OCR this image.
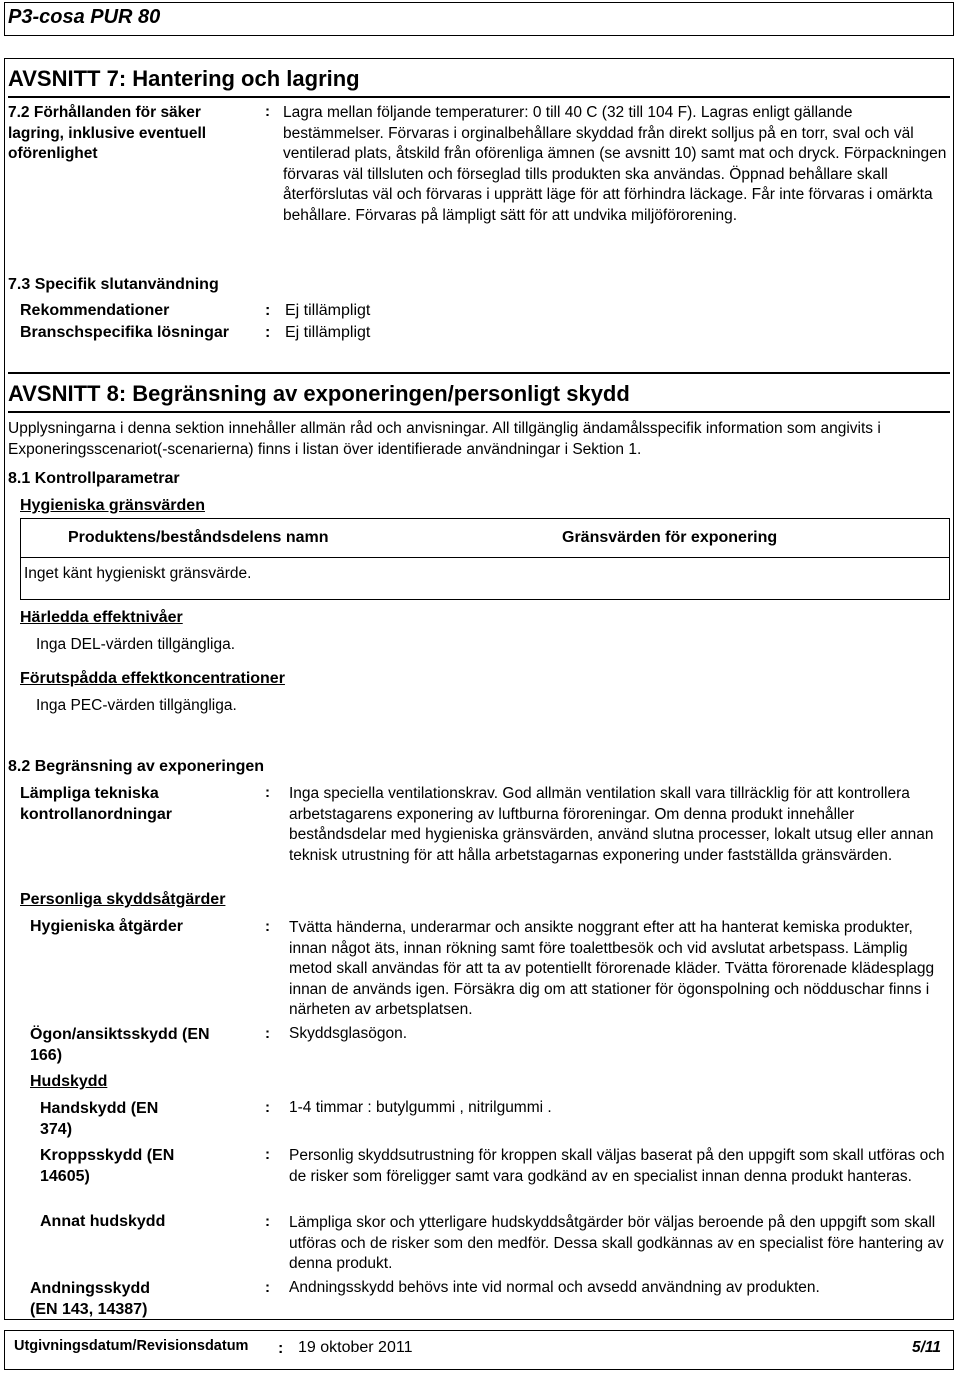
P3-cosa PUR 80
AVSNITT 7: Hantering och lagring
7.2 Förhållanden för säker lagring, inklusive eventuell oförenlighet
: Lagra mellan följande temperaturer: 0 till 40 C (32 till 104 F). Lagras enligt gällande bestämmelser. Förvaras i orginalbehållare skyddad från direkt solljus på en torr, sval och väl ventilerad plats, åtskild från oförenliga ämnen (se avsnitt 10) samt mat och dryck. Förpackningen förvaras väl tillsluten och förseglad tills produkten ska användas. Öppnad behållare skall återförslutas väl och förvaras i upprätt läge för att förhindra läckage. Får inte förvaras i omärkta behållare. Förvaras på lämpligt sätt för att undvika miljöförorening.
7.3 Specifik slutanvändning
Rekommendationer	: Ej tillämpligt
Branschspecifika lösningar : Ej tillämpligt
AVSNITT 8: Begränsning av exponeringen/personligt skydd
Upplysningarna i denna sektion innehåller allmän råd och anvisningar. All tillgänglig ändamålsspecifik information som angivits i Exponeringsscenariot(-scenarierna) finns i listan över identifierade användningar i Sektion 1.
8.1 Kontrollparametrar
Hygieniska gränsvärden
Produktens/beståndsdelens namn	Gränsvärden för exponering
Inget känt hygieniskt gränsvärde.
Härledda effektnivåer
Inga DEL-värden tillgängliga.
Förutspådda effektkoncentrationer
Inga PEC-värden tillgängliga.
8.2 Begränsning av exponeringen
Lämpliga tekniska kontrollanordningar
: Inga speciella ventilationskrav. God allmän ventilation skall vara tillräcklig för att kontrollera arbetstagarens exponering av luftburna föroreningar. Om denna produkt innehåller beståndsdelar med hygieniska gränsvärden, använd slutna processer, lokalt utsug eller annan teknisk utrustning för att hålla arbetstagarnas exponering under fastställda gränsvärden.
Personliga skyddsåtgärder
Hygieniska åtgärder	: Tvätta händerna, underarmar och ansikte noggrant efter att ha hanterat kemiska produkter, innan något äts, innan rökning samt före toalettbesök och vid avslutat arbetspass. Lämplig metod skall användas för att ta av potentiellt förorenade kläder. Tvätta förorenade klädesplagg innan de används igen. Försäkra dig om att stationer för ögonspolning och nödduschar finns i närheten av arbetsplatsen.
Ögon/ansiktsskydd (EN 166)
: Skyddsglasögon.
Hudskydd
Handskydd (EN 374)
: 1-4 timmar : butylgummi , nitrilgummi .
Kroppsskydd (EN 14605)
: Personlig skyddsutrustning för kroppen skall väljas baserat på den uppgift som skall utföras och de risker som föreligger samt vara godkänd av en specialist innan denna produkt hanteras.
Annat hudskydd	: Lämpliga skor och ytterligare hudskyddsåtgärder bör väljas beroende på den uppgift som skall utföras och de risker som den medför. Dessa skall godkännas av en specialist före hantering av denna produkt.
Andningsskydd (EN 143, 14387)
: Andningsskydd behövs inte vid normal och avsedd användning av produkten.
Utgivningsdatum/Revisionsdatum : 19 oktober 2011	5/11
